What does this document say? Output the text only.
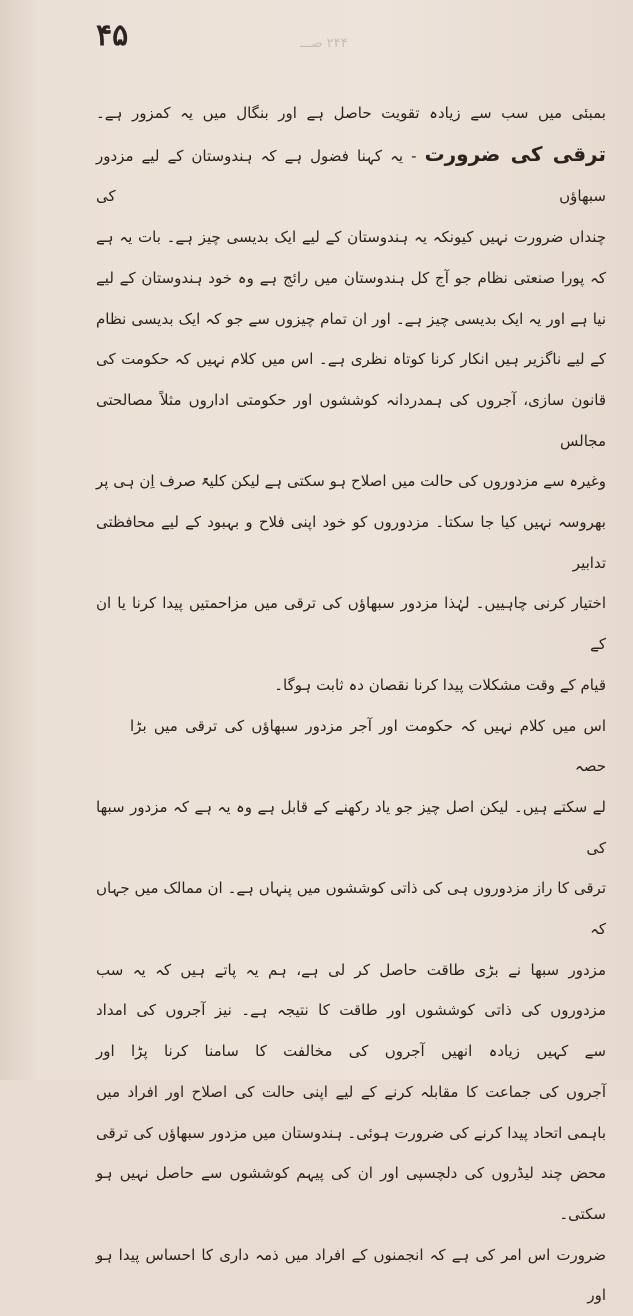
۴۵	۲۴۴ صـــ
بمبئی میں سب سے زیادہ تقویت حاصل ہے اور بنگال میں یہ کمزور ہے۔
ترقی کی ضرورت - یہ کہنا فضول ہے کہ ہندوستان کے لیے مزدور سبھاؤں کی
چنداں ضرورت نہیں کیونکہ یہ ہندوستان کے لیے ایک بدیسی چیز ہے۔ بات یہ ہے
کہ پورا صنعتی نظام جو آج کل ہندوستان میں رائج ہے وہ خود ہندوستان کے لیے
نیا ہے اور یہ ایک بدیسی چیز ہے۔ اور ان تمام چیزوں سے جو کہ ایک بدیسی نظام
کے لیے ناگزیر ہیں انکار کرنا کوتاہ نظری ہے۔ اس میں کلام نہیں کہ حکومت کی
قانون سازی، آجروں کی ہمدردانہ کوششوں اور حکومتی اداروں مثلاً مصالحتی مجالس
وغیرہ سے مزدوروں کی حالت میں اصلاح ہو سکتی ہے لیکن کلیۃً صرف اِن ہی پر
بھروسہ نہیں کیا جا سکتا۔ مزدوروں کو خود اپنی فلاح و بہبود کے لیے محافظتی تدابیر
اختیار کرنی چاہییں۔ لہٰذا مزدور سبھاؤں کی ترقی میں مزاحمتیں پیدا کرنا یا ان کے
قیام کے وقت مشکلات پیدا کرنا نقصان دہ ثابت ہوگا۔
اس میں کلام نہیں کہ حکومت اور آجر مزدور سبھاؤں کی ترقی میں بڑا حصہ
لے سکتے ہیں۔ لیکن اصل چیز جو یاد رکھنے کے قابل ہے وہ یہ ہے کہ مزدور سبھا کی
ترقی کا راز مزدوروں ہی کی ذاتی کوششوں میں پنہاں ہے۔ ان ممالک میں جہاں کہ
مزدور سبھا نے بڑی طاقت حاصل کر لی ہے، ہم یہ پاتے ہیں کہ یہ سب
مزدوروں کی ذاتی کوششوں اور طاقت کا نتیجہ ہے۔ نیز آجروں کی امداد
سے کہیں زیادہ انھیں آجروں کی مخالفت کا سامنا کرنا پڑا اور
آجروں کی جماعت کا مقابلہ کرنے کے لیے اپنی حالت کی اصلاح اور افراد میں
باہمی اتحاد پیدا کرنے کی ضرورت ہوئی۔ ہندوستان میں مزدور سبھاؤں کی ترقی
محض چند لیڈروں کی دلچسپی اور ان کی پیہم کوششوں سے حاصل نہیں ہو سکتی۔
ضرورت اس امر کی ہے کہ انجمنوں کے افراد میں ذمہ داری کا احساس پیدا ہو اور
